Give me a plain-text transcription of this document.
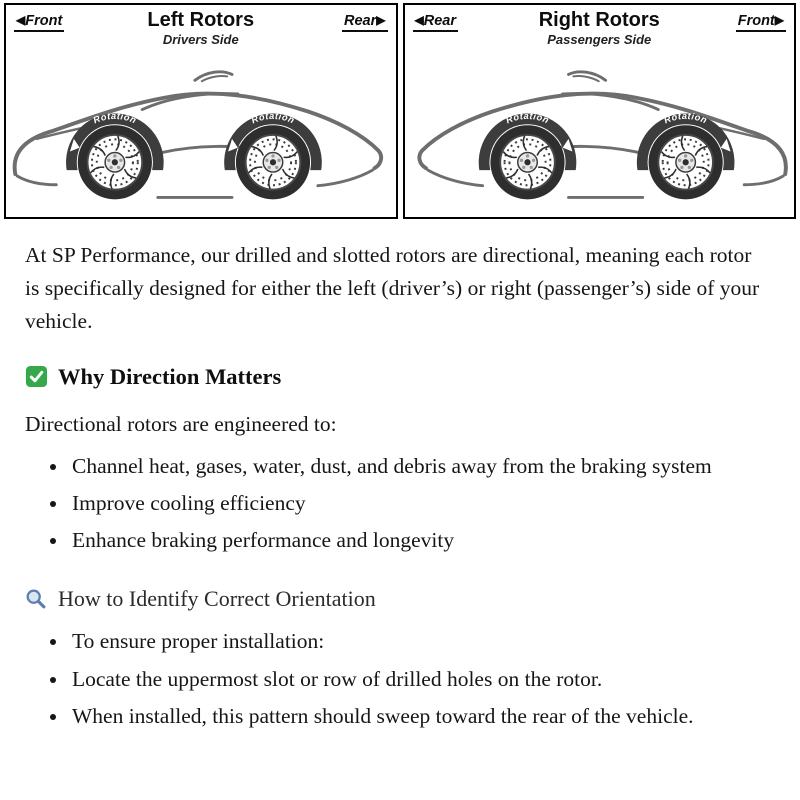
◀Front	Left Rotors
Drivers Side
Rear▶
Rotation	Rotation
◀Rear	Right Rotors
Passengers Side
Front▶
Rotation	Rotation

At SP Performance, our drilled and slotted rotors are directional, meaning each rotor is specifically designed for either the left (driver’s) or right (passenger’s) side of your vehicle.

Why Direction Matters

Directional rotors are engineered to:

• Channel heat, gases, water, dust, and debris away from the braking system
• Improve cooling efficiency
• Enhance braking performance and longevity
How to Identify Correct Orientation
• To ensure proper installation:
• Locate the uppermost slot or row of drilled holes on the rotor.
• When installed, this pattern should sweep toward the rear of the vehicle.
